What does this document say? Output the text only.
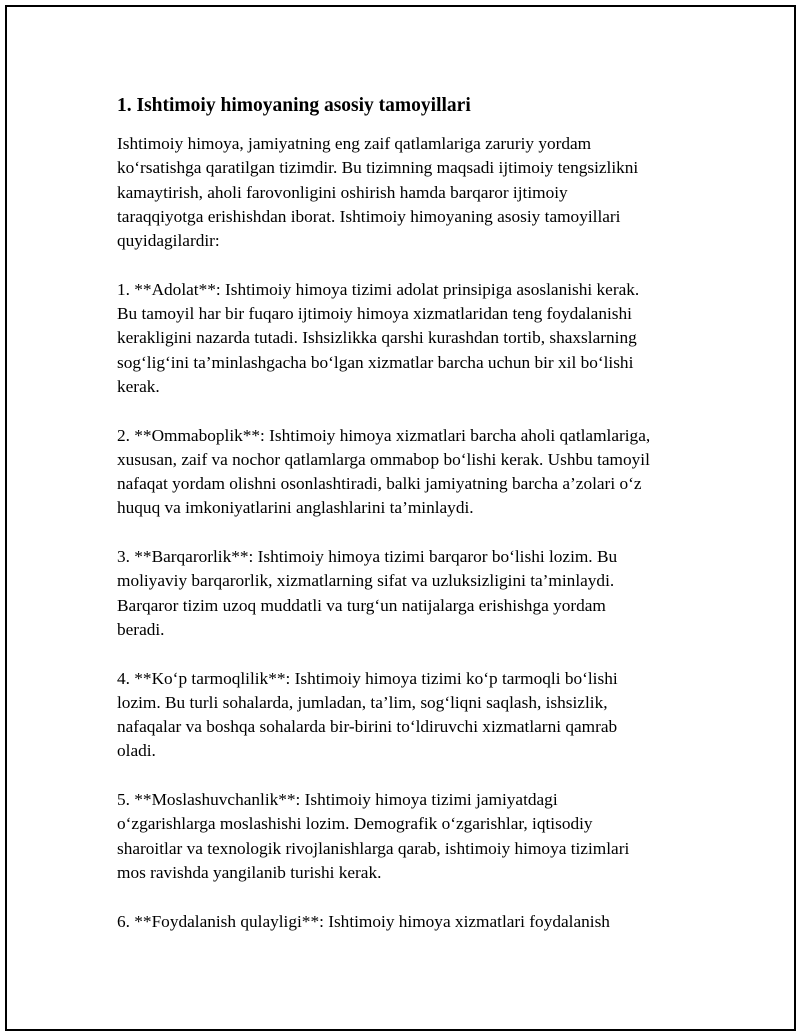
1. Ishtimoiy himoyaning asosiy tamoyillari

Ishtimoiy himoya, jamiyatning eng zaif qatlamlariga zaruriy yordam
ko‘rsatishga qaratilgan tizimdir. Bu tizimning maqsadi ijtimoiy tengsizlikni
kamaytirish, aholi farovonligini oshirish hamda barqaror ijtimoiy
taraqqiyotga erishishdan iborat. Ishtimoiy himoyaning asosiy tamoyillari
quyidagilardir:

1. **Adolat**: Ishtimoiy himoya tizimi adolat prinsipiga asoslanishi kerak.
Bu tamoyil har bir fuqaro ijtimoiy himoya xizmatlaridan teng foydalanishi
kerakligini nazarda tutadi. Ishsizlikka qarshi kurashdan tortib, shaxslarning
sog‘lig‘ini ta’minlashgacha bo‘lgan xizmatlar barcha uchun bir xil bo‘lishi
kerak.

2. **Ommaboplik**: Ishtimoiy himoya xizmatlari barcha aholi qatlamlariga,
xususan, zaif va nochor qatlamlarga ommabop bo‘lishi kerak. Ushbu tamoyil
nafaqat yordam olishni osonlashtiradi, balki jamiyatning barcha a’zolari o‘z
huquq va imkoniyatlarini anglashlarini ta’minlaydi.

3. **Barqarorlik**: Ishtimoiy himoya tizimi barqaror bo‘lishi lozim. Bu
moliyaviy barqarorlik, xizmatlarning sifat va uzluksizligini ta’minlaydi.
Barqaror tizim uzoq muddatli va turg‘un natijalarga erishishga yordam
beradi.

4. **Ko‘p tarmoqlilik**: Ishtimoiy himoya tizimi ko‘p tarmoqli bo‘lishi
lozim. Bu turli sohalarda, jumladan, ta’lim, sog‘liqni saqlash, ishsizlik,
nafaqalar va boshqa sohalarda bir-birini to‘ldiruvchi xizmatlarni qamrab
oladi.

5. **Moslashuvchanlik**: Ishtimoiy himoya tizimi jamiyatdagi
o‘zgarishlarga moslashishi lozim. Demografik o‘zgarishlar, iqtisodiy
sharoitlar va texnologik rivojlanishlarga qarab, ishtimoiy himoya tizimlari
mos ravishda yangilanib turishi kerak.

6. **Foydalanish qulayligi**: Ishtimoiy himoya xizmatlari foydalanish
